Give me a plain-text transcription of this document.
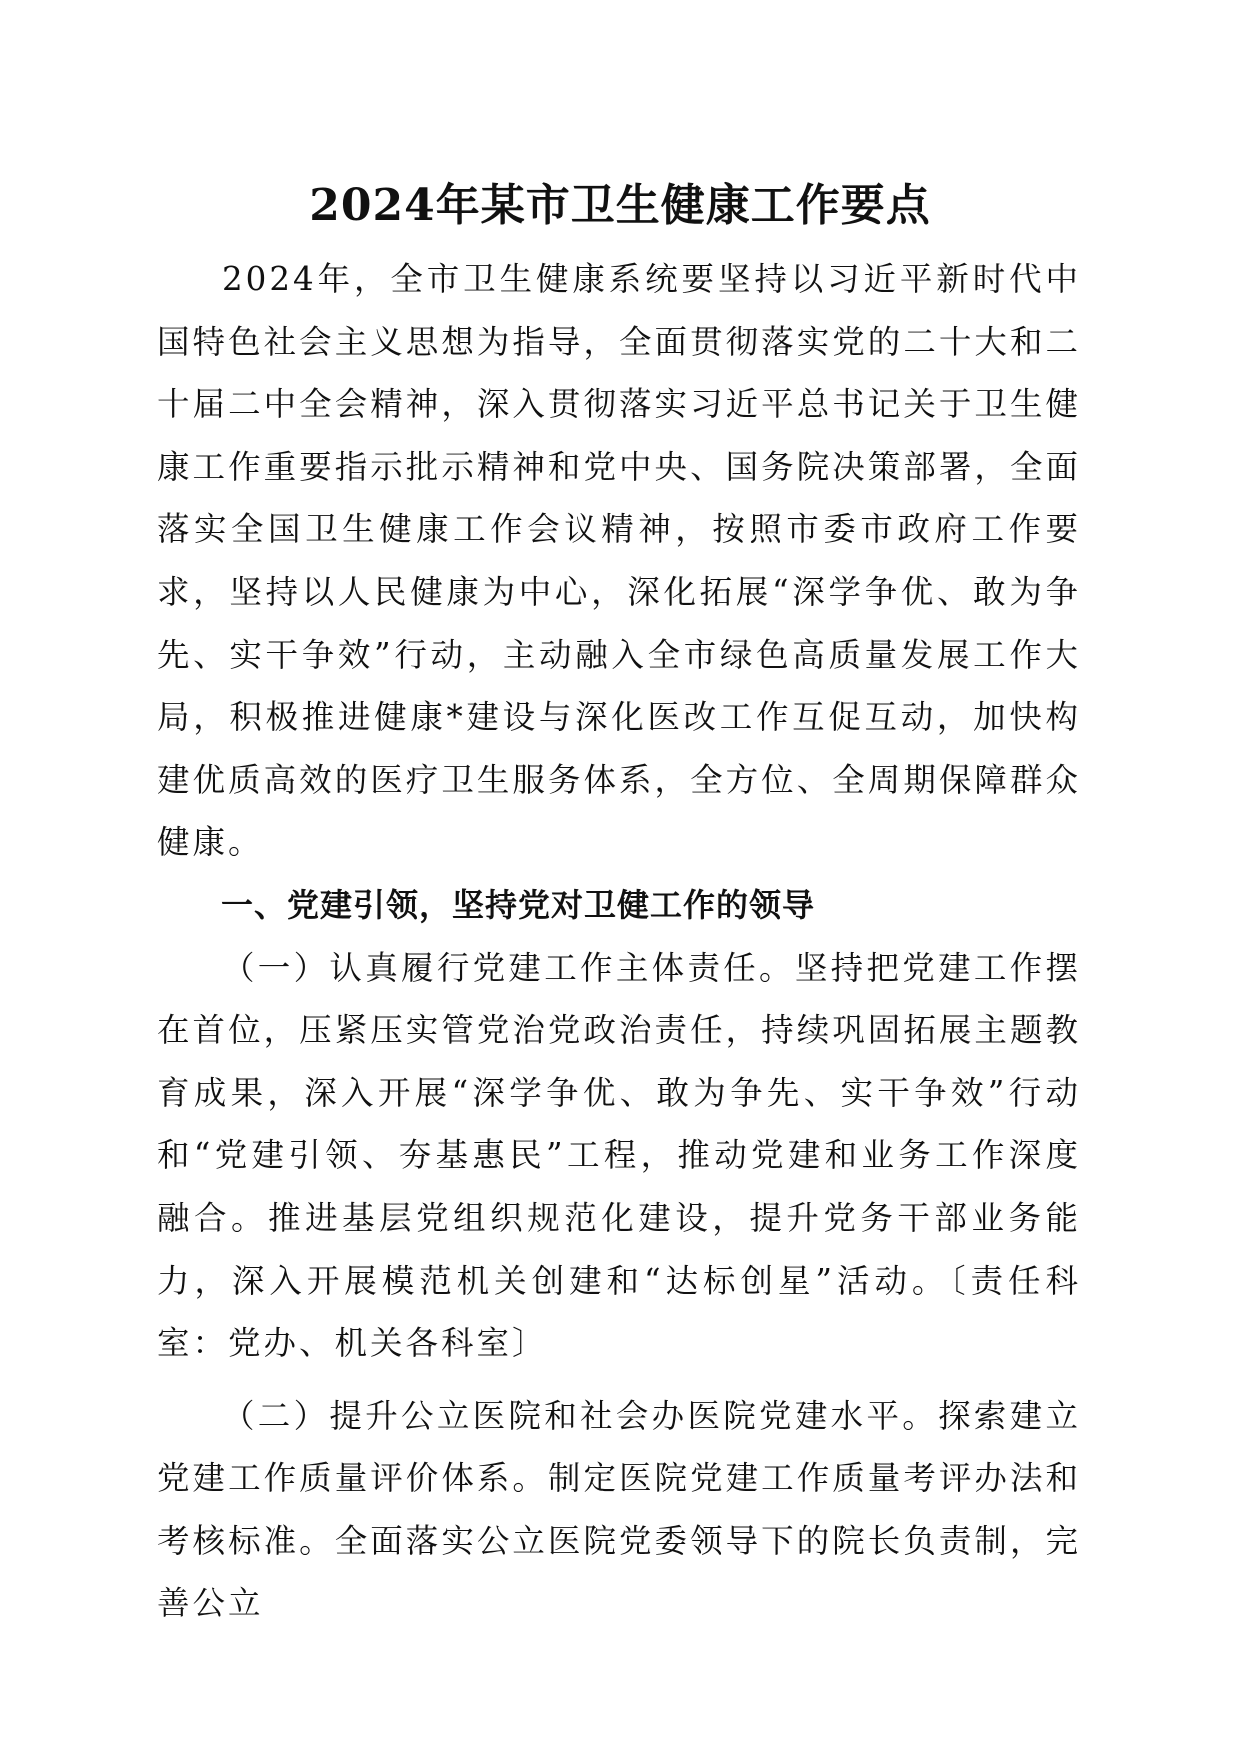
2024年某市卫生健康工作要点

2024年，全市卫生健康系统要坚持以习近平新时代中国特色社会主义思想为指导，全面贯彻落实党的二十大和二十届二中全会精神，深入贯彻落实习近平总书记关于卫生健康工作重要指示批示精神和党中央、国务院决策部署，全面落实全国卫生健康工作会议精神，按照市委市政府工作要求，坚持以人民健康为中心，深化拓展“深学争优、敢为争先、实干争效”行动，主动融入全市绿色高质量发展工作大局，积极推进健康*建设与深化医改工作互促互动，加快构建优质高效的医疗卫生服务体系，全方位、全周期保障群众健康。

一、党建引领，坚持党对卫健工作的领导

（一）认真履行党建工作主体责任。坚持把党建工作摆在首位，压紧压实管党治党政治责任，持续巩固拓展主题教育成果，深入开展“深学争优、敢为争先、实干争效”行动和“党建引领、夯基惠民”工程，推动党建和业务工作深度融合。推进基层党组织规范化建设，提升党务干部业务能力，深入开展模范机关创建和“达标创星”活动。〔责任科室：党办、机关各科室〕

（二）提升公立医院和社会办医院党建水平。探索建立党建工作质量评价体系。制定医院党建工作质量考评办法和考核标准。全面落实公立医院党委领导下的院长负责制，完善公立
